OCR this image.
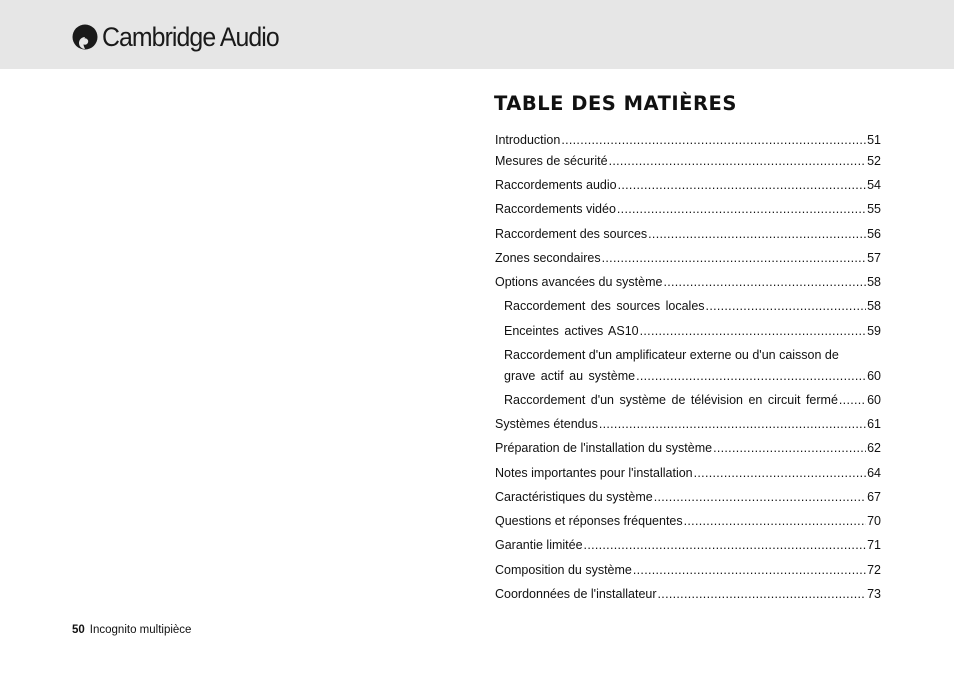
Cambridge Audio
TABLE DES MATIÈRES
Introduction .....	51
Mesures de sécurité .....	52
Raccordements audio .....	54
Raccordements vidéo .....	55
Raccordement des sources .....	56
Zones secondaires .....	57
Options avancées du système .....	58
Raccordement des sources locales .....	58
Enceintes actives AS10 .....	59
Raccordement d'un amplificateur externe ou d'un caisson de
grave actif au système .....	60
Raccordement d'un système de télévision en circuit fermé ..... 60
Systèmes étendus .....	61
Préparation de l'installation du système .....	62
Notes importantes pour l'installation .....	64
Caractéristiques du système .....	67
Questions et réponses fréquentes .....	70
Garantie limitée .....	71
Composition du système .....	72
Coordonnées de l'installateur .....	73
50 Incognito multipièce
